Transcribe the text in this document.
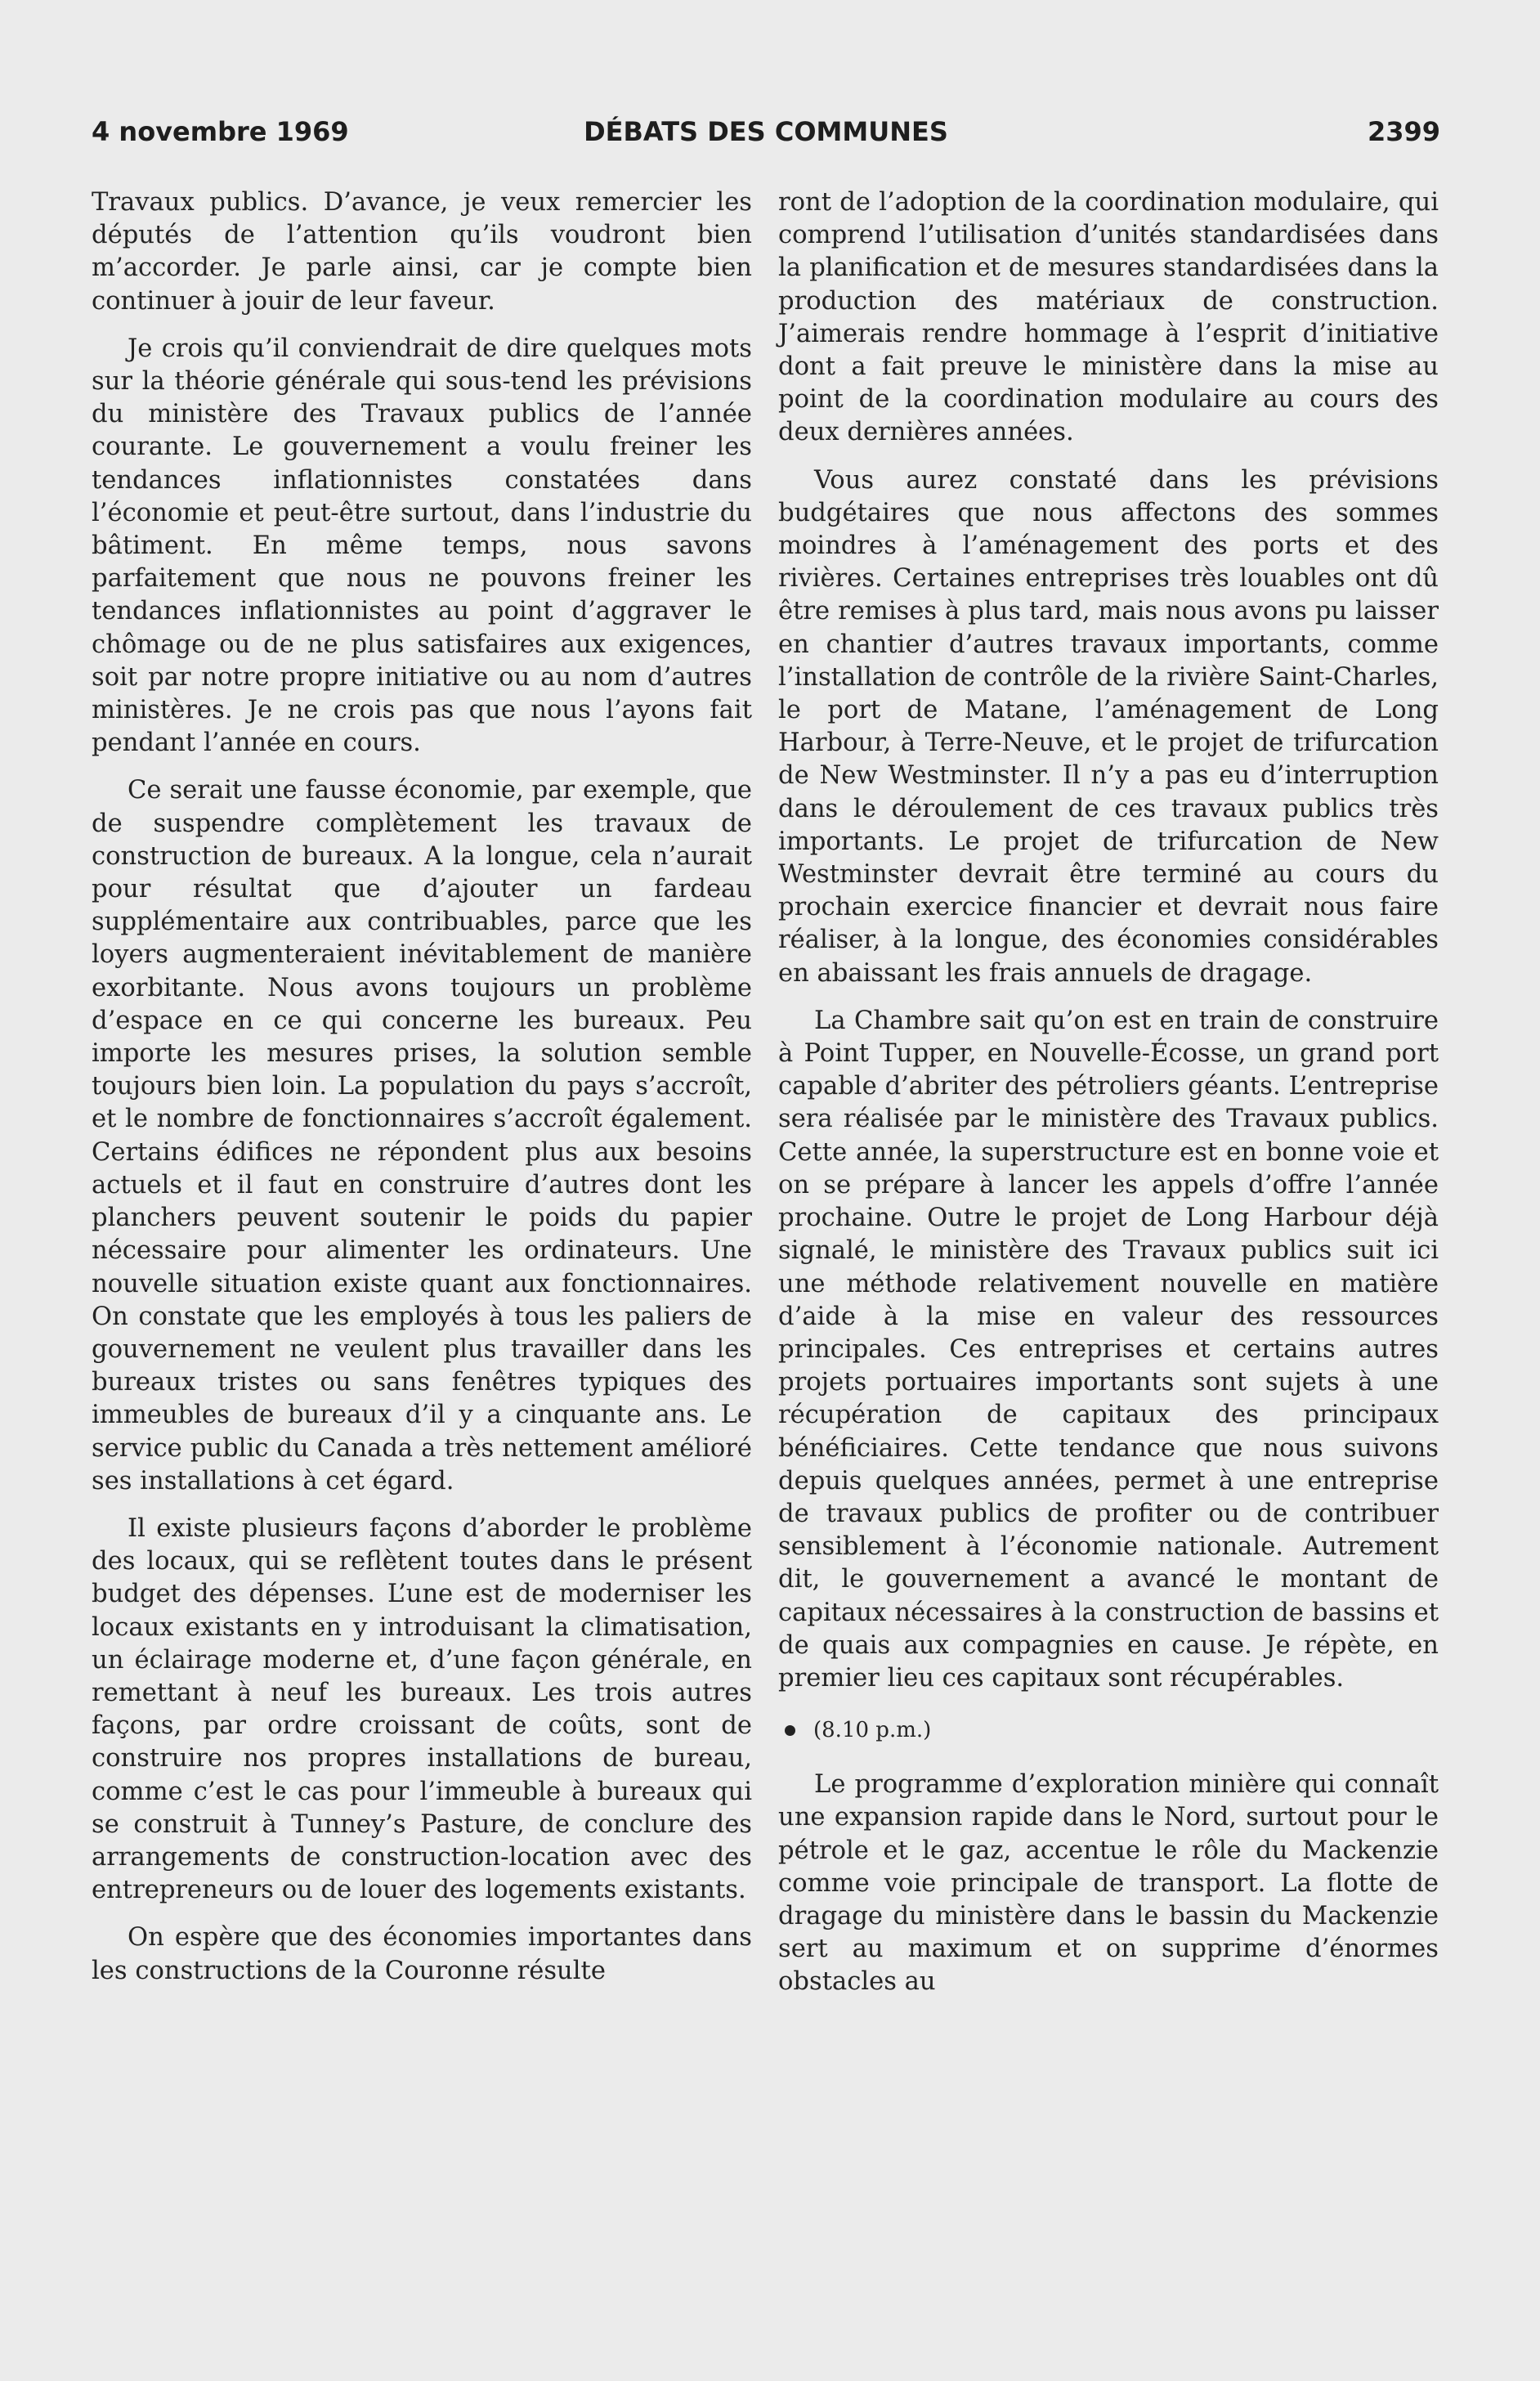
4 novembre 1969	DÉBATS DES COMMUNES	2399

Travaux publics. D’avance, je veux remercier les députés de l’attention qu’ils voudront bien m’accorder. Je parle ainsi, car je compte bien continuer à jouir de leur faveur.

Je crois qu’il conviendrait de dire quelques mots sur la théorie générale qui sous-tend les prévisions du ministère des Travaux publics de l’année courante. Le gouvernement a voulu freiner les tendances inflationnistes constatées dans l’économie et peut-être surtout, dans l’industrie du bâtiment. En même temps, nous savons parfaitement que nous ne pouvons freiner les tendances inflationnistes au point d’aggraver le chômage ou de ne plus satisfaires aux exigences, soit par notre propre initiative ou au nom d’autres ministères. Je ne crois pas que nous l’ayons fait pendant l’année en cours.

Ce serait une fausse économie, par exemple, que de suspendre complètement les travaux de construction de bureaux. A la longue, cela n’aurait pour résultat que d’ajouter un fardeau supplémentaire aux contribuables, parce que les loyers augmenteraient inévitablement de manière exorbitante. Nous avons toujours un problème d’espace en ce qui concerne les bureaux. Peu importe les mesures prises, la solution semble toujours bien loin. La population du pays s’accroît, et le nombre de fonctionnaires s’accroît également. Certains édifices ne répondent plus aux besoins actuels et il faut en construire d’autres dont les planchers peuvent soutenir le poids du papier nécessaire pour alimenter les ordinateurs. Une nouvelle situation existe quant aux fonctionnaires. On constate que les employés à tous les paliers de gouvernement ne veulent plus travailler dans les bureaux tristes ou sans fenêtres typiques des immeubles de bureaux d’il y a cinquante ans. Le service public du Canada a très nettement amélioré ses installations à cet égard.

Il existe plusieurs façons d’aborder le problème des locaux, qui se reflètent toutes dans le présent budget des dépenses. L’une est de moderniser les locaux existants en y introduisant la climatisation, un éclairage moderne et, d’une façon générale, en remettant à neuf les bureaux. Les trois autres façons, par ordre croissant de coûts, sont de construire nos propres installations de bureau, comme c’est le cas pour l’immeuble à bureaux qui se construit à Tunney’s Pasture, de conclure des arrangements de construction-location avec des entrepreneurs ou de louer des logements existants.

On espère que des économies importantes dans les constructions de la Couronne résulte

ront de l’adoption de la coordination modulaire, qui comprend l’utilisation d’unités standardisées dans la planification et de mesures standardisées dans la production des matériaux de construction. J’aimerais rendre hommage à l’esprit d’initiative dont a fait preuve le ministère dans la mise au point de la coordination modulaire au cours des deux dernières années.

Vous aurez constaté dans les prévisions budgétaires que nous affectons des sommes moindres à l’aménagement des ports et des rivières. Certaines entreprises très louables ont dû être remises à plus tard, mais nous avons pu laisser en chantier d’autres travaux importants, comme l’installation de contrôle de la rivière Saint-Charles, le port de Matane, l’aménagement de Long Harbour, à Terre-Neuve, et le projet de trifurcation de New Westminster. Il n’y a pas eu d’interruption dans le déroulement de ces travaux publics très importants. Le projet de trifurcation de New Westminster devrait être terminé au cours du prochain exercice financier et devrait nous faire réaliser, à la longue, des économies considérables en abaissant les frais annuels de dragage.

La Chambre sait qu’on est en train de construire à Point Tupper, en Nouvelle-Écosse, un grand port capable d’abriter des pétroliers géants. L’entreprise sera réalisée par le ministère des Travaux publics. Cette année, la superstructure est en bonne voie et on se prépare à lancer les appels d’offre l’année prochaine. Outre le projet de Long Harbour déjà signalé, le ministère des Travaux publics suit ici une méthode relativement nouvelle en matière d’aide à la mise en valeur des ressources principales. Ces entreprises et certains autres projets portuaires importants sont sujets à une récupération de capitaux des principaux bénéficiaires. Cette tendance que nous suivons depuis quelques années, permet à une entreprise de travaux publics de profiter ou de contribuer sensiblement à l’économie nationale. Autrement dit, le gouvernement a avancé le montant de capitaux nécessaires à la construction de bassins et de quais aux compagnies en cause. Je répète, en premier lieu ces capitaux sont récupérables.

(8.10 p.m.)

Le programme d’exploration minière qui connaît une expansion rapide dans le Nord, surtout pour le pétrole et le gaz, accentue le rôle du Mackenzie comme voie principale de transport. La flotte de dragage du ministère dans le bassin du Mackenzie sert au maximum et on supprime d’énormes obstacles au
